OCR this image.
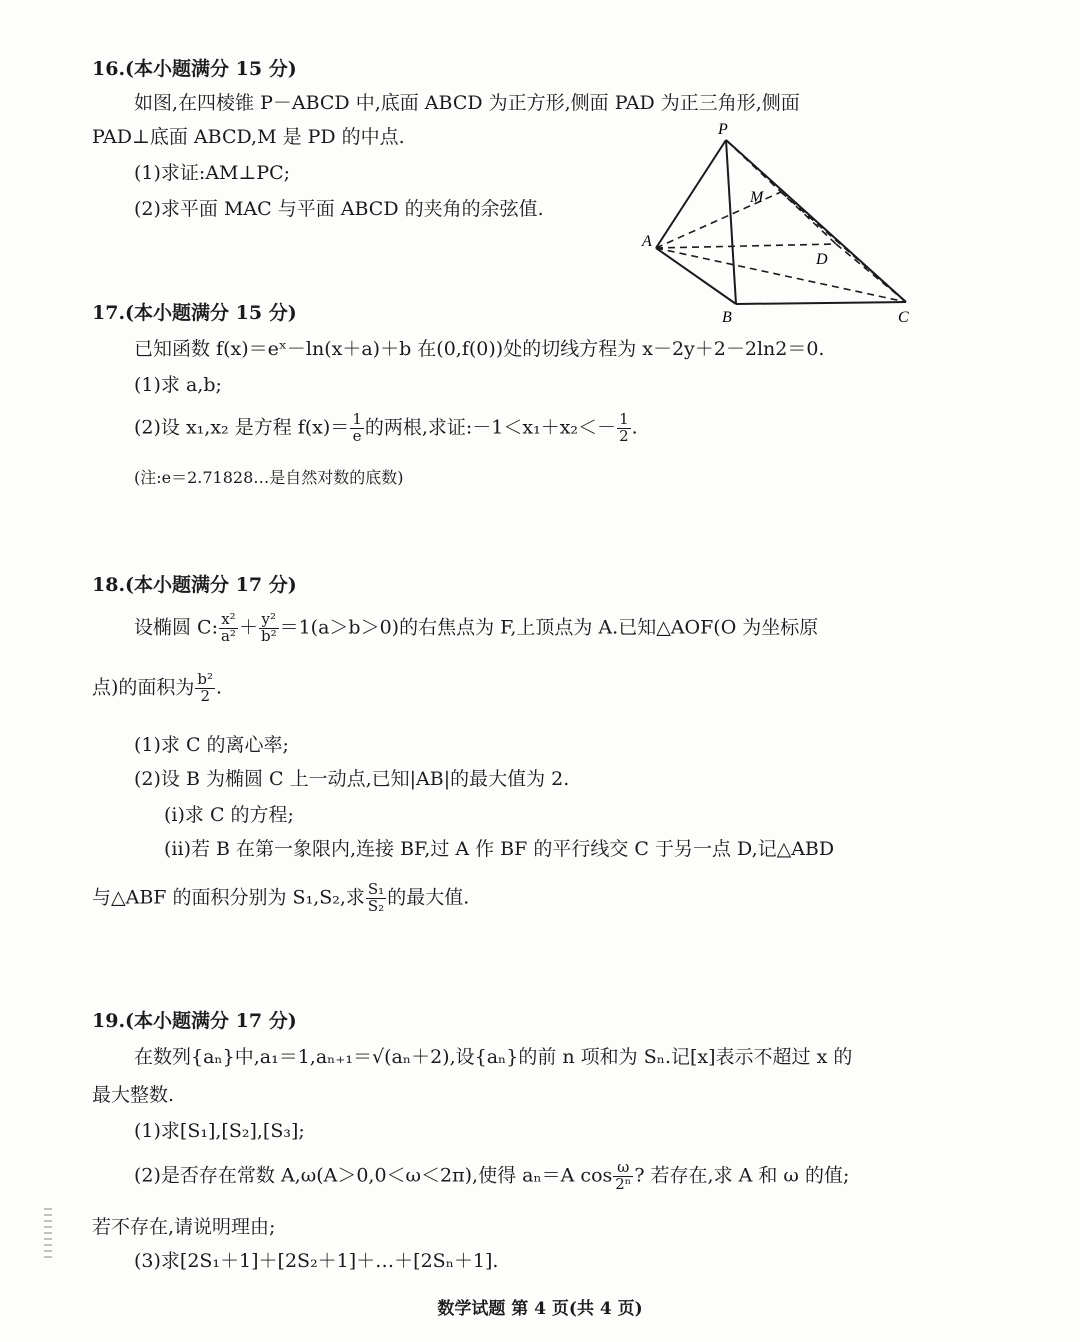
16.(本小题满分 15 分)
如图,在四棱锥 P－ABCD 中,底面 ABCD 为正方形,侧面 PAD 为正三角形,侧面
PAD⊥底面 ABCD,M 是 PD 的中点.
(1)求证:AM⊥PC;
(2)求平面 MAC 与平面 ABCD 的夹角的余弦值.
P
M
A
D
B	C
17.(本小题满分 15 分)
已知函数 f(x)＝eˣ－ln(x＋a)＋b 在(0,f(0))处的切线方程为 x－2y＋2－2ln2＝0.
(1)求 a,b;
(2)设 x₁,x₂ 是方程 $f(x)= \frac{1}{e}$ 的两根,求证:－1＜x₁＋x₂＜－ $\frac{1}{2}$ .
(注:e＝2.71828…是自然对数的底数)
18.(本小题满分 17 分)
设椭圆 C: $\frac{\text{x²}}{\text{a²}} + \frac{\text{y²}}{\text{b²}} =1(a>b>0)$的右焦点为 F,上顶点为 A.已知△AOF(O 为坐标原
点)的面积为 $\frac{\text{b²}}{2}$ .
(1)求 C 的离心率;
(2)设 B 为椭圆 C 上一动点,已知|AB|的最大值为 2.
(i)求 C 的方程;
(ii)若 B 在第一象限内,连接 BF,过 A 作 BF 的平行线交 C 于另一点 D,记△ABD
与△ABF 的面积分别为 S₁,S₂,求 $\frac{\text{S₁}}{\text{S₂}}$ 的最大值.
19.(本小题满分 17 分)
在数列{aₙ}中,a₁＝1,aₙ₊₁＝√(aₙ＋2),设{aₙ}的前 n 项和为 Sₙ.记[x]表示不超过 x 的
最大整数.
(1)求[S₁],[S₂],[S₃];
(2)是否存在常数 A,ω(A＞0,0＜ω＜2π),使得 aₙ＝A $\cos \frac{\omega}{\text{2ⁿ}}$ ? 若存在,求 A 和 ω 的值;
若不存在,请说明理由;
(3)求[2S₁＋1]＋[2S₂＋1]＋…＋[2Sₙ＋1].
数学试题 第 4 页(共 4 页)
